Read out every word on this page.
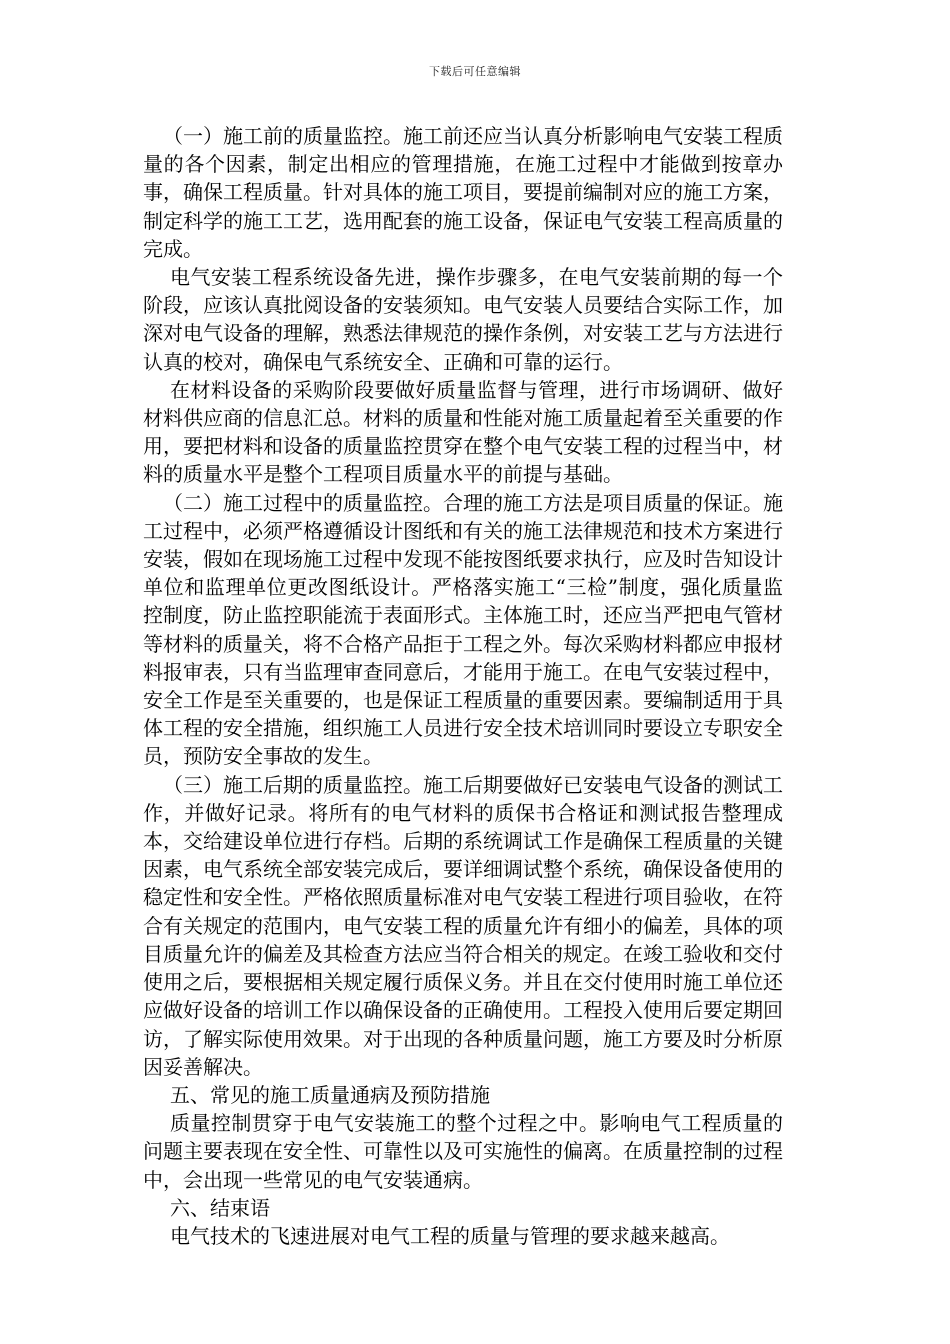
下载后可任意编辑

（一）施工前的质量监控。施工前还应当认真分析影响电气安装工程质量的各个因素，制定出相应的管理措施，在施工过程中才能做到按章办事，确保工程质量。针对具体的施工项目，要提前编制对应的施工方案，制定科学的施工工艺，选用配套的施工设备，保证电气安装工程高质量的完成。

电气安装工程系统设备先进，操作步骤多，在电气安装前期的每一个阶段，应该认真批阅设备的安装须知。电气安装人员要结合实际工作，加深对电气设备的理解，熟悉法律规范的操作条例，对安装工艺与方法进行认真的校对，确保电气系统安全、正确和可靠的运行。

在材料设备的采购阶段要做好质量监督与管理，进行市场调研、做好材料供应商的信息汇总。材料的质量和性能对施工质量起着至关重要的作用，要把材料和设备的质量监控贯穿在整个电气安装工程的过程当中，材料的质量水平是整个工程项目质量水平的前提与基础。

（二）施工过程中的质量监控。合理的施工方法是项目质量的保证。施工过程中，必须严格遵循设计图纸和有关的施工法律规范和技术方案进行安装，假如在现场施工过程中发现不能按图纸要求执行，应及时告知设计单位和监理单位更改图纸设计。严格落实施工“三检”制度，强化质量监控制度，防止监控职能流于表面形式。主体施工时，还应当严把电气管材等材料的质量关，将不合格产品拒于工程之外。每次采购材料都应申报材料报审表，只有当监理审查同意后，才能用于施工。在电气安装过程中，安全工作是至关重要的，也是保证工程质量的重要因素。要编制适用于具体工程的安全措施，组织施工人员进行安全技术培训同时要设立专职安全员，预防安全事故的发生。

（三）施工后期的质量监控。施工后期要做好已安装电气设备的测试工作，并做好记录。将所有的电气材料的质保书合格证和测试报告整理成本，交给建设单位进行存档。后期的系统调试工作是确保工程质量的关键因素，电气系统全部安装完成后，要详细调试整个系统，确保设备使用的稳定性和安全性。严格依照质量标准对电气安装工程进行项目验收，在符合有关规定的范围内，电气安装工程的质量允许有细小的偏差，具体的项目质量允许的偏差及其检查方法应当符合相关的规定。在竣工验收和交付使用之后，要根据相关规定履行质保义务。并且在交付使用时施工单位还应做好设备的培训工作以确保设备的正确使用。工程投入使用后要定期回访，了解实际使用效果。对于出现的各种质量问题，施工方要及时分析原因妥善解决。

五、常见的施工质量通病及预防措施

质量控制贯穿于电气安装施工的整个过程之中。影响电气工程质量的问题主要表现在安全性、可靠性以及可实施性的偏离。在质量控制的过程中，会出现一些常见的电气安装通病。

六、结束语

电气技术的飞速进展对电气工程的质量与管理的要求越来越高。
